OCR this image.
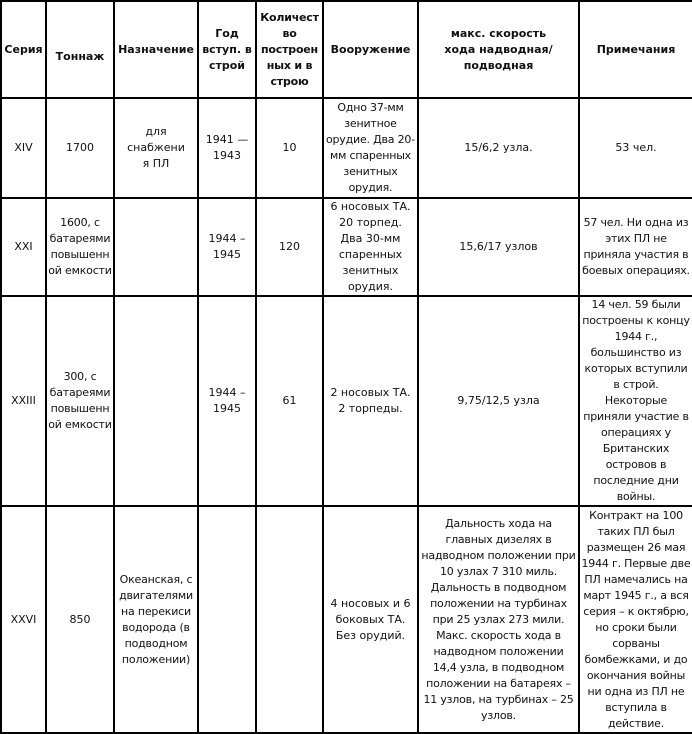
Серия	Тоннаж	Назначение	Год вступ. в строй	Количество построенных и в строю	Вооружение	макс. скорость хода надводная/ подводная	Примечания
XIV	1700	для снабжения ПЛ	1941 — 1943	10	Одно 37-мм зенитное орудие. Два 20-мм спаренных зенитных орудия.	15/6,2 узла.	53 чел.
XXI	1600, с батареями повышенной емкости		1944 – 1945	120	6 носовых ТА. 20 торпед. Два 30-мм спаренных зенитных орудия.	15,6/17 узлов	57 чел. Ни одна из этих ПЛ не приняла участия в боевых операциях.
XXIII	300, с батареями повышенной емкости		1944 – 1945	61	2 носовых ТА. 2 торпеды.	9,75/12,5 узла	14 чел. 59 были построены к концу 1944 г., большинство из которых вступили в строй. Некоторые приняли участие в операциях у Британских островов в последние дни войны.
XXVI	850	Океанская, с двигателями на перекиси водорода (в подводном положении)			4 носовых и 6 боковых ТА. Без орудий.	Дальность хода на главных дизелях в надводном положении при 10 узлах 7 310 миль. Дальность в подводном положении на турбинах при 25 узлах 273 мили. Макс. скорость хода в надводном положении 14,4 узла, в подводном положении на батареях – 11 узлов, на турбинах – 25 узлов.	Контракт на 100 таких ПЛ был размещен 26 мая 1944 г. Первые две ПЛ намечались на март 1945 г., а вся серия – к октябрю, но сроки были сорваны бомбежками, и до окончания войны ни одна из ПЛ не вступила в действие.
